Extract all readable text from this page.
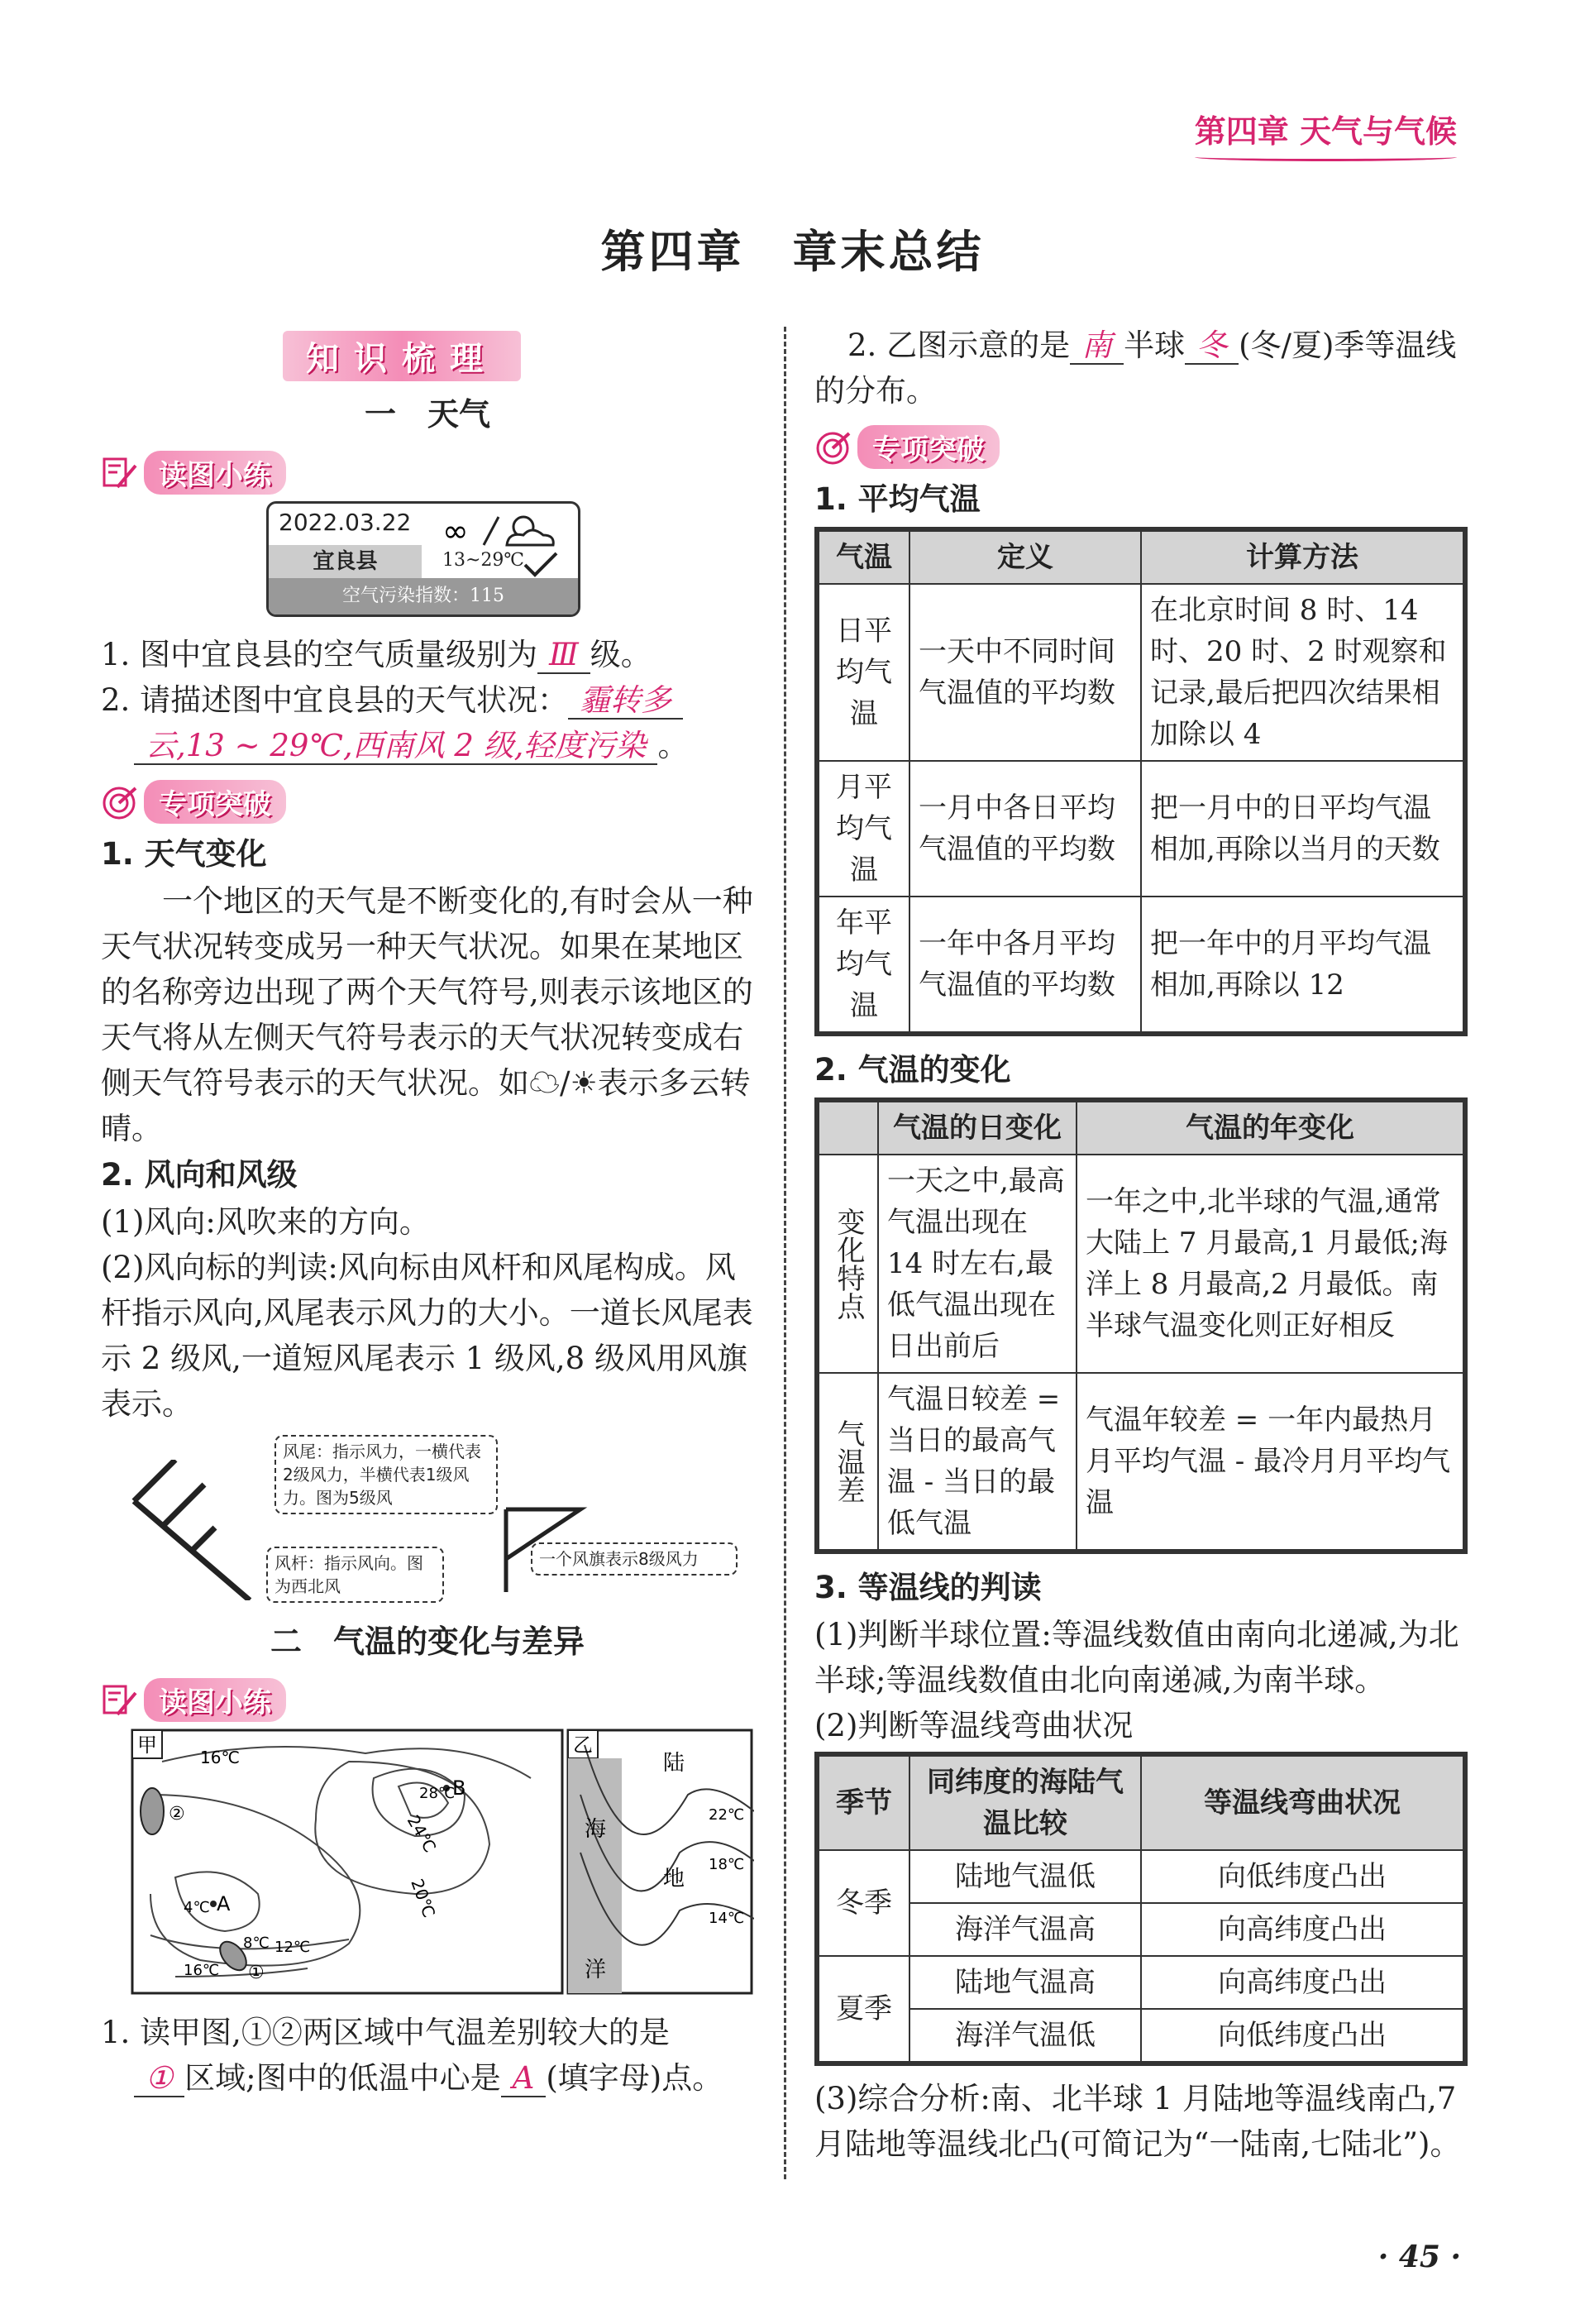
第四章 天气与气候
第四章　章末总结
知识梳理
一　天气
读图小练
2022.03.22
宜良县
∞
13~29℃
空气污染指数：115

1. 图中宜良县的空气质量级别为 Ⅲ 级。

2. 请描述图中宜良县的天气状况： 霾转多
云,13 ~ 29℃,西南风 2 级,轻度污染 。

专项突破
1. 天气变化

一个地区的天气是不断变化的,有时会从一种天气状况转变成另一种天气状况。如果在某地区的名称旁边出现了两个天气符号,则表示该地区的天气将从左侧天气符号表示的天气状况转变成右侧天气符号表示的天气状况。如☁/☀表示多云转晴。

2. 风向和风级

(1)风向:风吹来的方向。

(2)风向标的判读:风向标由风杆和风尾构成。风杆指示风向,风尾表示风力的大小。一道长风尾表示 2 级风,一道短风尾表示 1 级风,8 级风用风旗表示。

风尾：指示风力，一横代表2级风力，半横代表1级风力。图为5级风
风杆：指示风向。图为西北风
一个风旗表示8级风力
二　气温的变化与差异
读图小练
甲	乙
16℃
20℃
24℃
28℃
B
A
4℃
8℃ 12℃
16℃ ①
②
陆
海
地
洋
22℃
18℃
14℃

1. 读甲图,①②两区域中气温差别较大的是
① 区域;图中的低温中心是 A (填字母)点。

2. 乙图示意的是 南 半球 冬 (冬/夏)季等温线的分布。

专项突破
1. 平均气温
气温	定义	计算方法
日平均气温	一天中不同时间气温值的平均数	在北京时间 8 时、14 时、20 时、2 时观察和记录,最后把四次结果相加除以 4
月平均气温	一月中各日平均气温值的平均数	把一月中的日平均气温相加,再除以当月的天数
年平均气温	一年中各月平均气温值的平均数	把一年中的月平均气温相加,再除以 12
2. 气温的变化
	气温的日变化	气温的年变化
变化特点	一天之中,最高气温出现在 14 时左右,最低气温出现在日出前后	一年之中,北半球的气温,通常大陆上 7 月最高,1 月最低;海洋上 8 月最高,2 月最低。南半球气温变化则正好相反
气温差	气温日较差 = 当日的最高气温 - 当日的最低气温	气温年较差 = 一年内最热月月平均气温 - 最冷月月平均气温
3. 等温线的判读

(1)判断半球位置:等温线数值由南向北递减,为北半球;等温线数值由北向南递减,为南半球。

(2)判断等温线弯曲状况

季节	同纬度的海陆气温比较	等温线弯曲状况
冬季	陆地气温低	向低纬度凸出
	海洋气温高	向高纬度凸出
夏季	陆地气温高	向高纬度凸出
	海洋气温低	向低纬度凸出

(3)综合分析:南、北半球 1 月陆地等温线南凸,7 月陆地等温线北凸(可简记为“一陆南,七陆北”)。

· 45 ·
